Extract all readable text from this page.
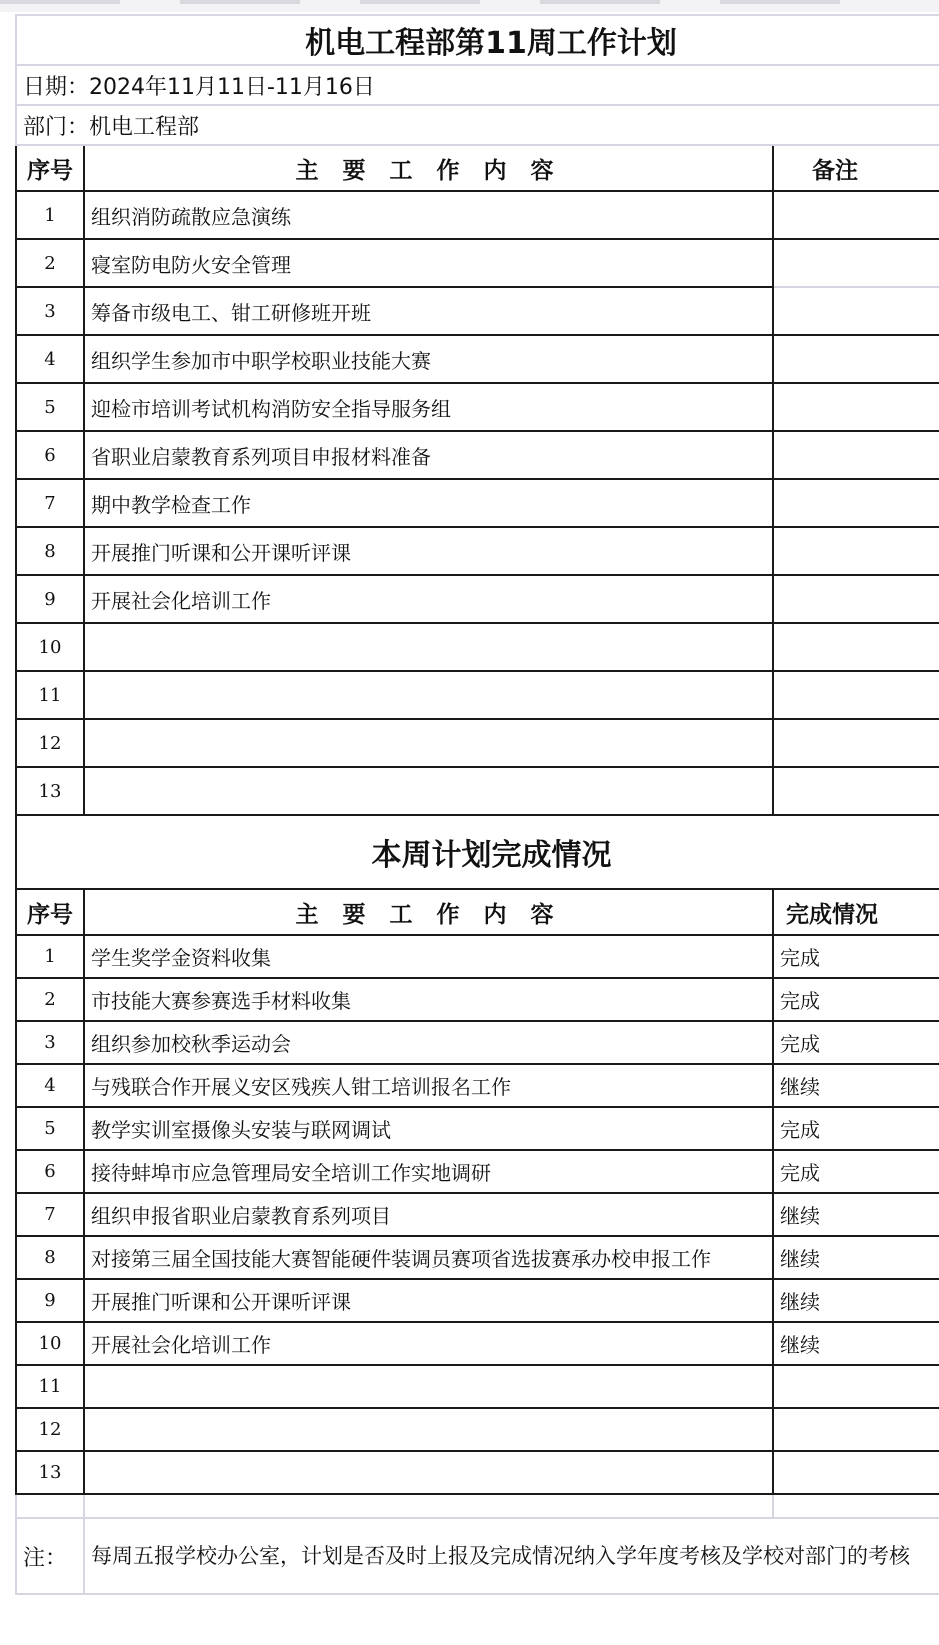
机电工程部第11周工作计划		
日期：2024年11月11日-11月16日		
部门：机电工程部		
序号	主 要 工 作 内 容	备注
1	组织消防疏散应急演练	
2	寝室防电防火安全管理	
3	筹备市级电工、钳工研修班开班	
4	组织学生参加市中职学校职业技能大赛	
5	迎检市培训考试机构消防安全指导服务组	
6	省职业启蒙教育系列项目申报材料准备	
7	期中教学检查工作	
8	开展推门听课和公开课听评课	
9	开展社会化培训工作	
10		
11		
12		
13		
本周计划完成情况		
序号	主 要 工 作 内 容	完成情况
1	学生奖学金资料收集	完成
2	市技能大赛参赛选手材料收集	完成
3	组织参加校秋季运动会	完成
4	与残联合作开展义安区残疾人钳工培训报名工作	继续
5	教学实训室摄像头安装与联网调试	完成
6	接待蚌埠市应急管理局安全培训工作实地调研	完成
7	组织申报省职业启蒙教育系列项目	继续
8	对接第三届全国技能大赛智能硬件装调员赛项省选拔赛承办校申报工作	继续
9	开展推门听课和公开课听评课	继续
10	开展社会化培训工作	继续
11		
12		
13		

注：	每周五报学校办公室，计划是否及时上报及完成情况纳入学年度考核及学校对部门的考核	
